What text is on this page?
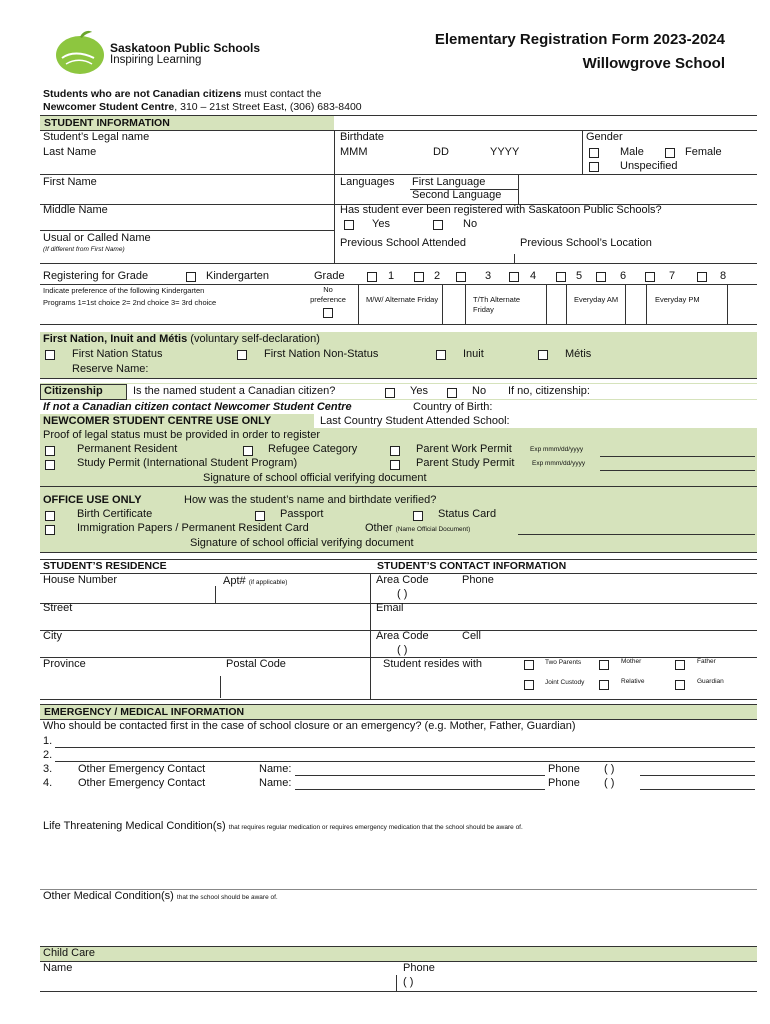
Saskatoon Public Schools
Inspiring Learning
Elementary Registration Form 2023-2024
Willowgrove School
Students who are not Canadian citizens must contact the
Newcomer Student Centre, 310 – 21st Street East, (306) 683-8400
STUDENT INFORMATION
Student’s Legal name
Last Name
First Name
Middle Name
Usual or Called Name
(If different from First Name)
Birthdate
MMM	DD	YYYY
Gender
Male	Female
Unspecified
Languages First Language
Second Language
Has student ever been registered with Saskatoon Public Schools?
Yes	No
Previous School Attended	Previous School’s Location
Registering for Grade	Kindergarten	Grade	1	2	3	4	5	6	7	8
Indicate preference of the following Kindergarten
Programs 1=1st choice 2= 2nd choice 3= 3rd choice
No preference	M/W/ Alternate Friday	T/Th Alternate Friday
Everyday AM	Everyday PM
First Nation, Inuit and Métis (voluntary self-declaration)
First Nation Status	First Nation Non-Status	Inuit	Métis
Reserve Name:
Citizenship	Is the named student a Canadian citizen?	Yes	No If no, citizenship:
If not a Canadian citizen contact Newcomer Student Centre	Country of Birth:
NEWCOMER STUDENT CENTRE USE ONLY	Last Country Student Attended School:
Proof of legal status must be provided in order to register
Permanent Resident	Refugee Category	Parent Work Permit	Exp mmm/dd/yyyy
Study Permit (International Student Program)	Parent Study Permit	Exp mmm/dd/yyyy
Signature of school official verifying document
OFFICE USE ONLY	How was the student’s name and birthdate verified?
Birth Certificate	Passport	Status Card
Immigration Papers / Permanent Resident Card	Other (Name Official Document)
Signature of school official verifying document
STUDENT’S RESIDENCE	STUDENT’S CONTACT INFORMATION
House Number	Apt# (if applicable)
Street
City
Province	Postal Code
Area Code	Phone
( )
Email
Area Code	Cell
( )
Student resides with	Two Parents	Mother	Father
Joint Custody	Relative	Guardian
EMERGENCY / MEDICAL INFORMATION
Who should be contacted first in the case of school closure or an emergency? (e.g. Mother, Father, Guardian)
1.
2.
3. Other Emergency Contact	Name:	Phone ( )
4. Other Emergency Contact	Name:	Phone ( )
Life Threatening Medical Condition(s) that requires regular medication or requires emergency medication that the school should be aware of.
Other Medical Condition(s) that the school should be aware of.
Child Care
Name	Phone
( )
